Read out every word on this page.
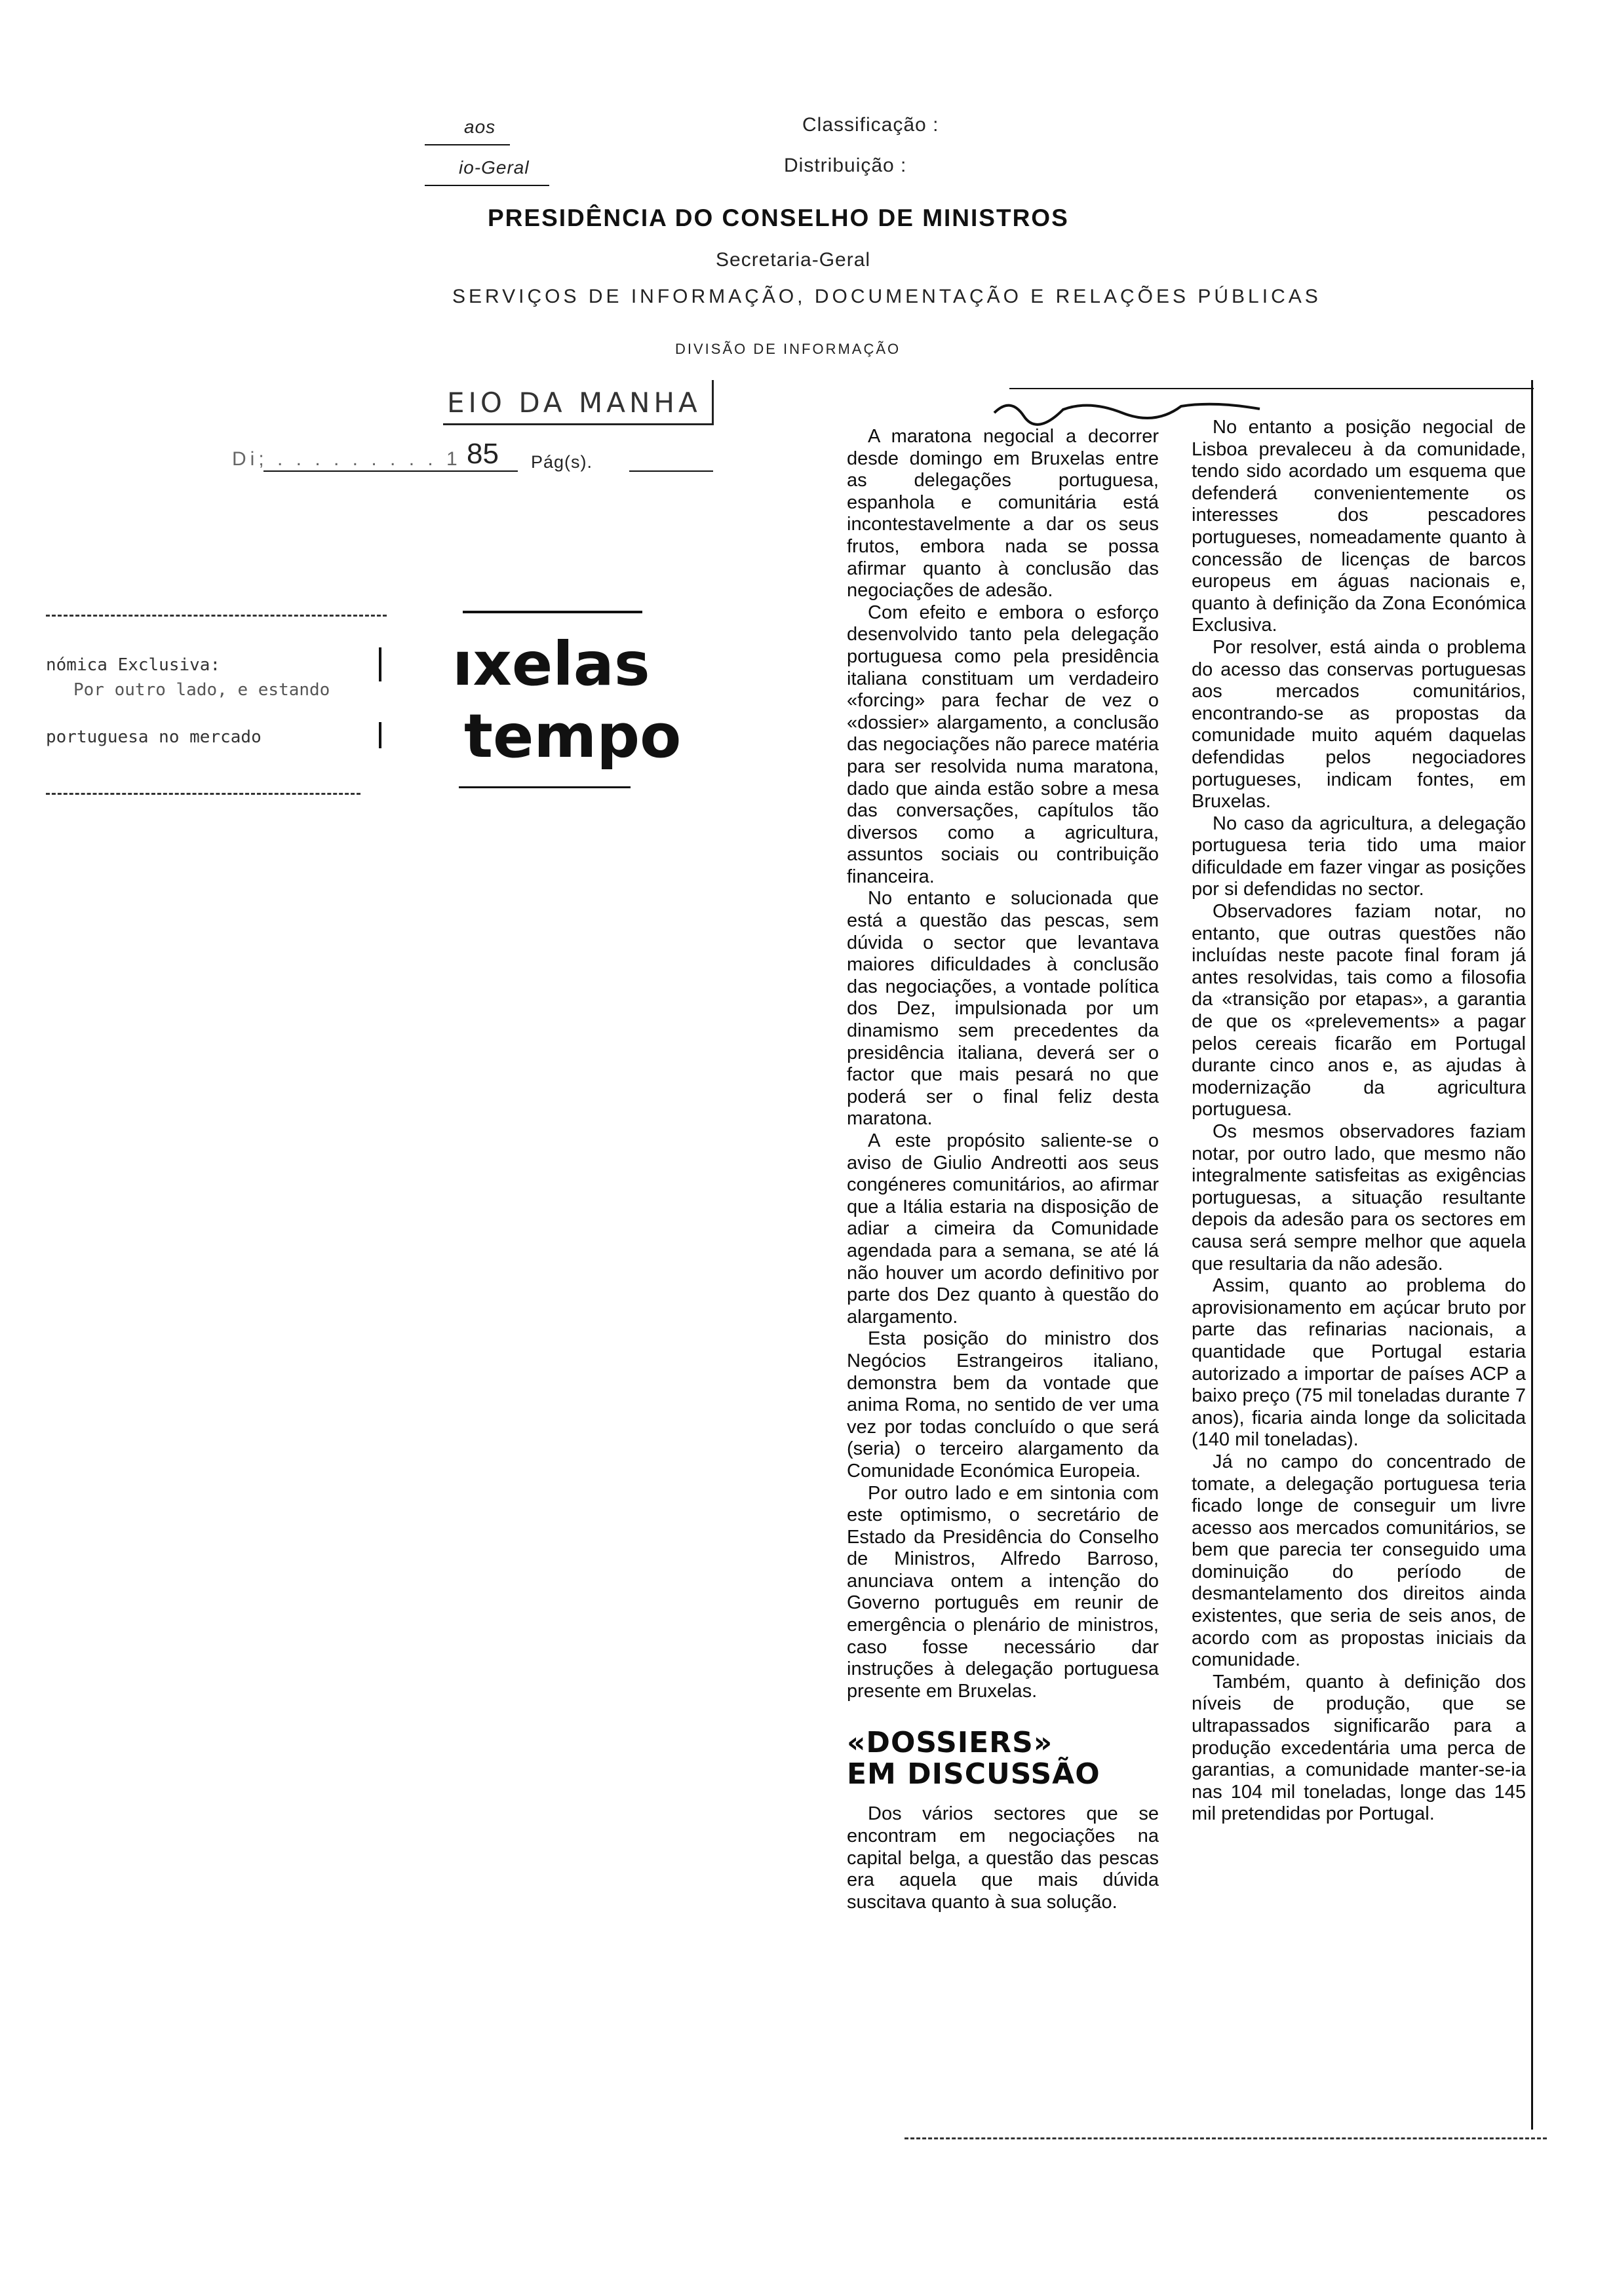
aos
io-Geral
Classificação :
Distribuição :
PRESIDÊNCIA DO CONSELHO DE MINISTROS
Secretaria-Geral
SERVIÇOS DE INFORMAÇÃO, DOCUMENTAÇÃO E RELAÇÕES PÚBLICAS
DIVISÃO DE INFORMAÇÃO
EIO DA MANHA
Di; . . . . . . . . . 1 85 Pág(s).
nómica Exclusiva:
Por outro lado, e estando
portuguesa no mercado
ıxelas
tempo

A maratona negocial a decorrer desde domingo em Bruxelas entre as delegações portuguesa, espanhola e comunitária está incontestavelmente a dar os seus frutos, embora nada se possa afirmar quanto à conclusão das negociações de adesão.

Com efeito e embora o esforço desenvolvido tanto pela delegação portuguesa como pela presidência italiana constituam um verdadeiro «forcing» para fechar de vez o «dossier» alargamento, a conclusão das negociações não parece matéria para ser resolvida numa maratona, dado que ainda estão sobre a mesa das conversações, capítulos tão diversos como a agricultura, assuntos sociais ou contribuição financeira.

No entanto e solucionada que está a questão das pescas, sem dúvida o sector que levantava maiores dificuldades à conclusão das negociações, a vontade política dos Dez, impulsionada por um dinamismo sem precedentes da presidência italiana, deverá ser o factor que mais pesará no que poderá ser o final feliz desta maratona.

A este propósito saliente-se o aviso de Giulio Andreotti aos seus congéneres comunitários, ao afirmar que a Itália estaria na disposição de adiar a cimeira da Comunidade agendada para a semana, se até lá não houver um acordo definitivo por parte dos Dez quanto à questão do alargamento.

Esta posição do ministro dos Negócios Estrangeiros italiano, demonstra bem da vontade que anima Roma, no sentido de ver uma vez por todas concluído o que será (seria) o terceiro alargamento da Comunidade Económica Europeia.

Por outro lado e em sintonia com este optimismo, o secretário de Estado da Presidência do Conselho de Ministros, Alfredo Barroso, anunciava ontem a intenção do Governo português em reunir de emergência o plenário de ministros, caso fosse necessário dar instruções à delegação portuguesa presente em Bruxelas.

«DOSSIERS»
EM DISCUSSÃO

Dos vários sectores que se encontram em negociações na capital belga, a questão das pescas era aquela que mais dúvida suscitava quanto à sua solução.

No entanto a posição negocial de Lisboa prevaleceu à da comunidade, tendo sido acordado um esquema que defenderá convenientemente os interesses dos pescadores portugueses, nomeadamente quanto à concessão de licenças de barcos europeus em águas nacionais e, quanto à definição da Zona Económica Exclusiva.

Por resolver, está ainda o problema do acesso das conservas portuguesas aos mercados comunitários, encontrando-se as propostas da comunidade muito aquém daquelas defendidas pelos negociadores portugueses, indicam fontes, em Bruxelas.

No caso da agricultura, a delegação portuguesa teria tido uma maior dificuldade em fazer vingar as posições por si defendidas no sector.

Observadores faziam notar, no entanto, que outras questões não incluídas neste pacote final foram já antes resolvidas, tais como a filosofia da «transição por etapas», a garantia de que os «prelevements» a pagar pelos cereais ficarão em Portugal durante cinco anos e, as ajudas à modernização da agricultura portuguesa.

Os mesmos observadores faziam notar, por outro lado, que mesmo não integralmente satisfeitas as exigências portuguesas, a situação resultante depois da adesão para os sectores em causa será sempre melhor que aquela que resultaria da não adesão.

Assim, quanto ao problema do aprovisionamento em açúcar bruto por parte das refinarias nacionais, a quantidade que Portugal estaria autorizado a importar de países ACP a baixo preço (75 mil toneladas durante 7 anos), ficaria ainda longe da solicitada (140 mil toneladas).

Já no campo do concentrado de tomate, a delegação portuguesa teria ficado longe de conseguir um livre acesso aos mercados comunitários, se bem que parecia ter conseguido uma dominuição do período de desmantelamento dos direitos ainda existentes, que seria de seis anos, de acordo com as propostas iniciais da comunidade.

Também, quanto à definição dos níveis de produção, que se ultrapassados significarão para a produção excedentária uma perca de garantias, a comunidade manter-se-ia nas 104 mil toneladas, longe das 145 mil pretendidas por Portugal.
